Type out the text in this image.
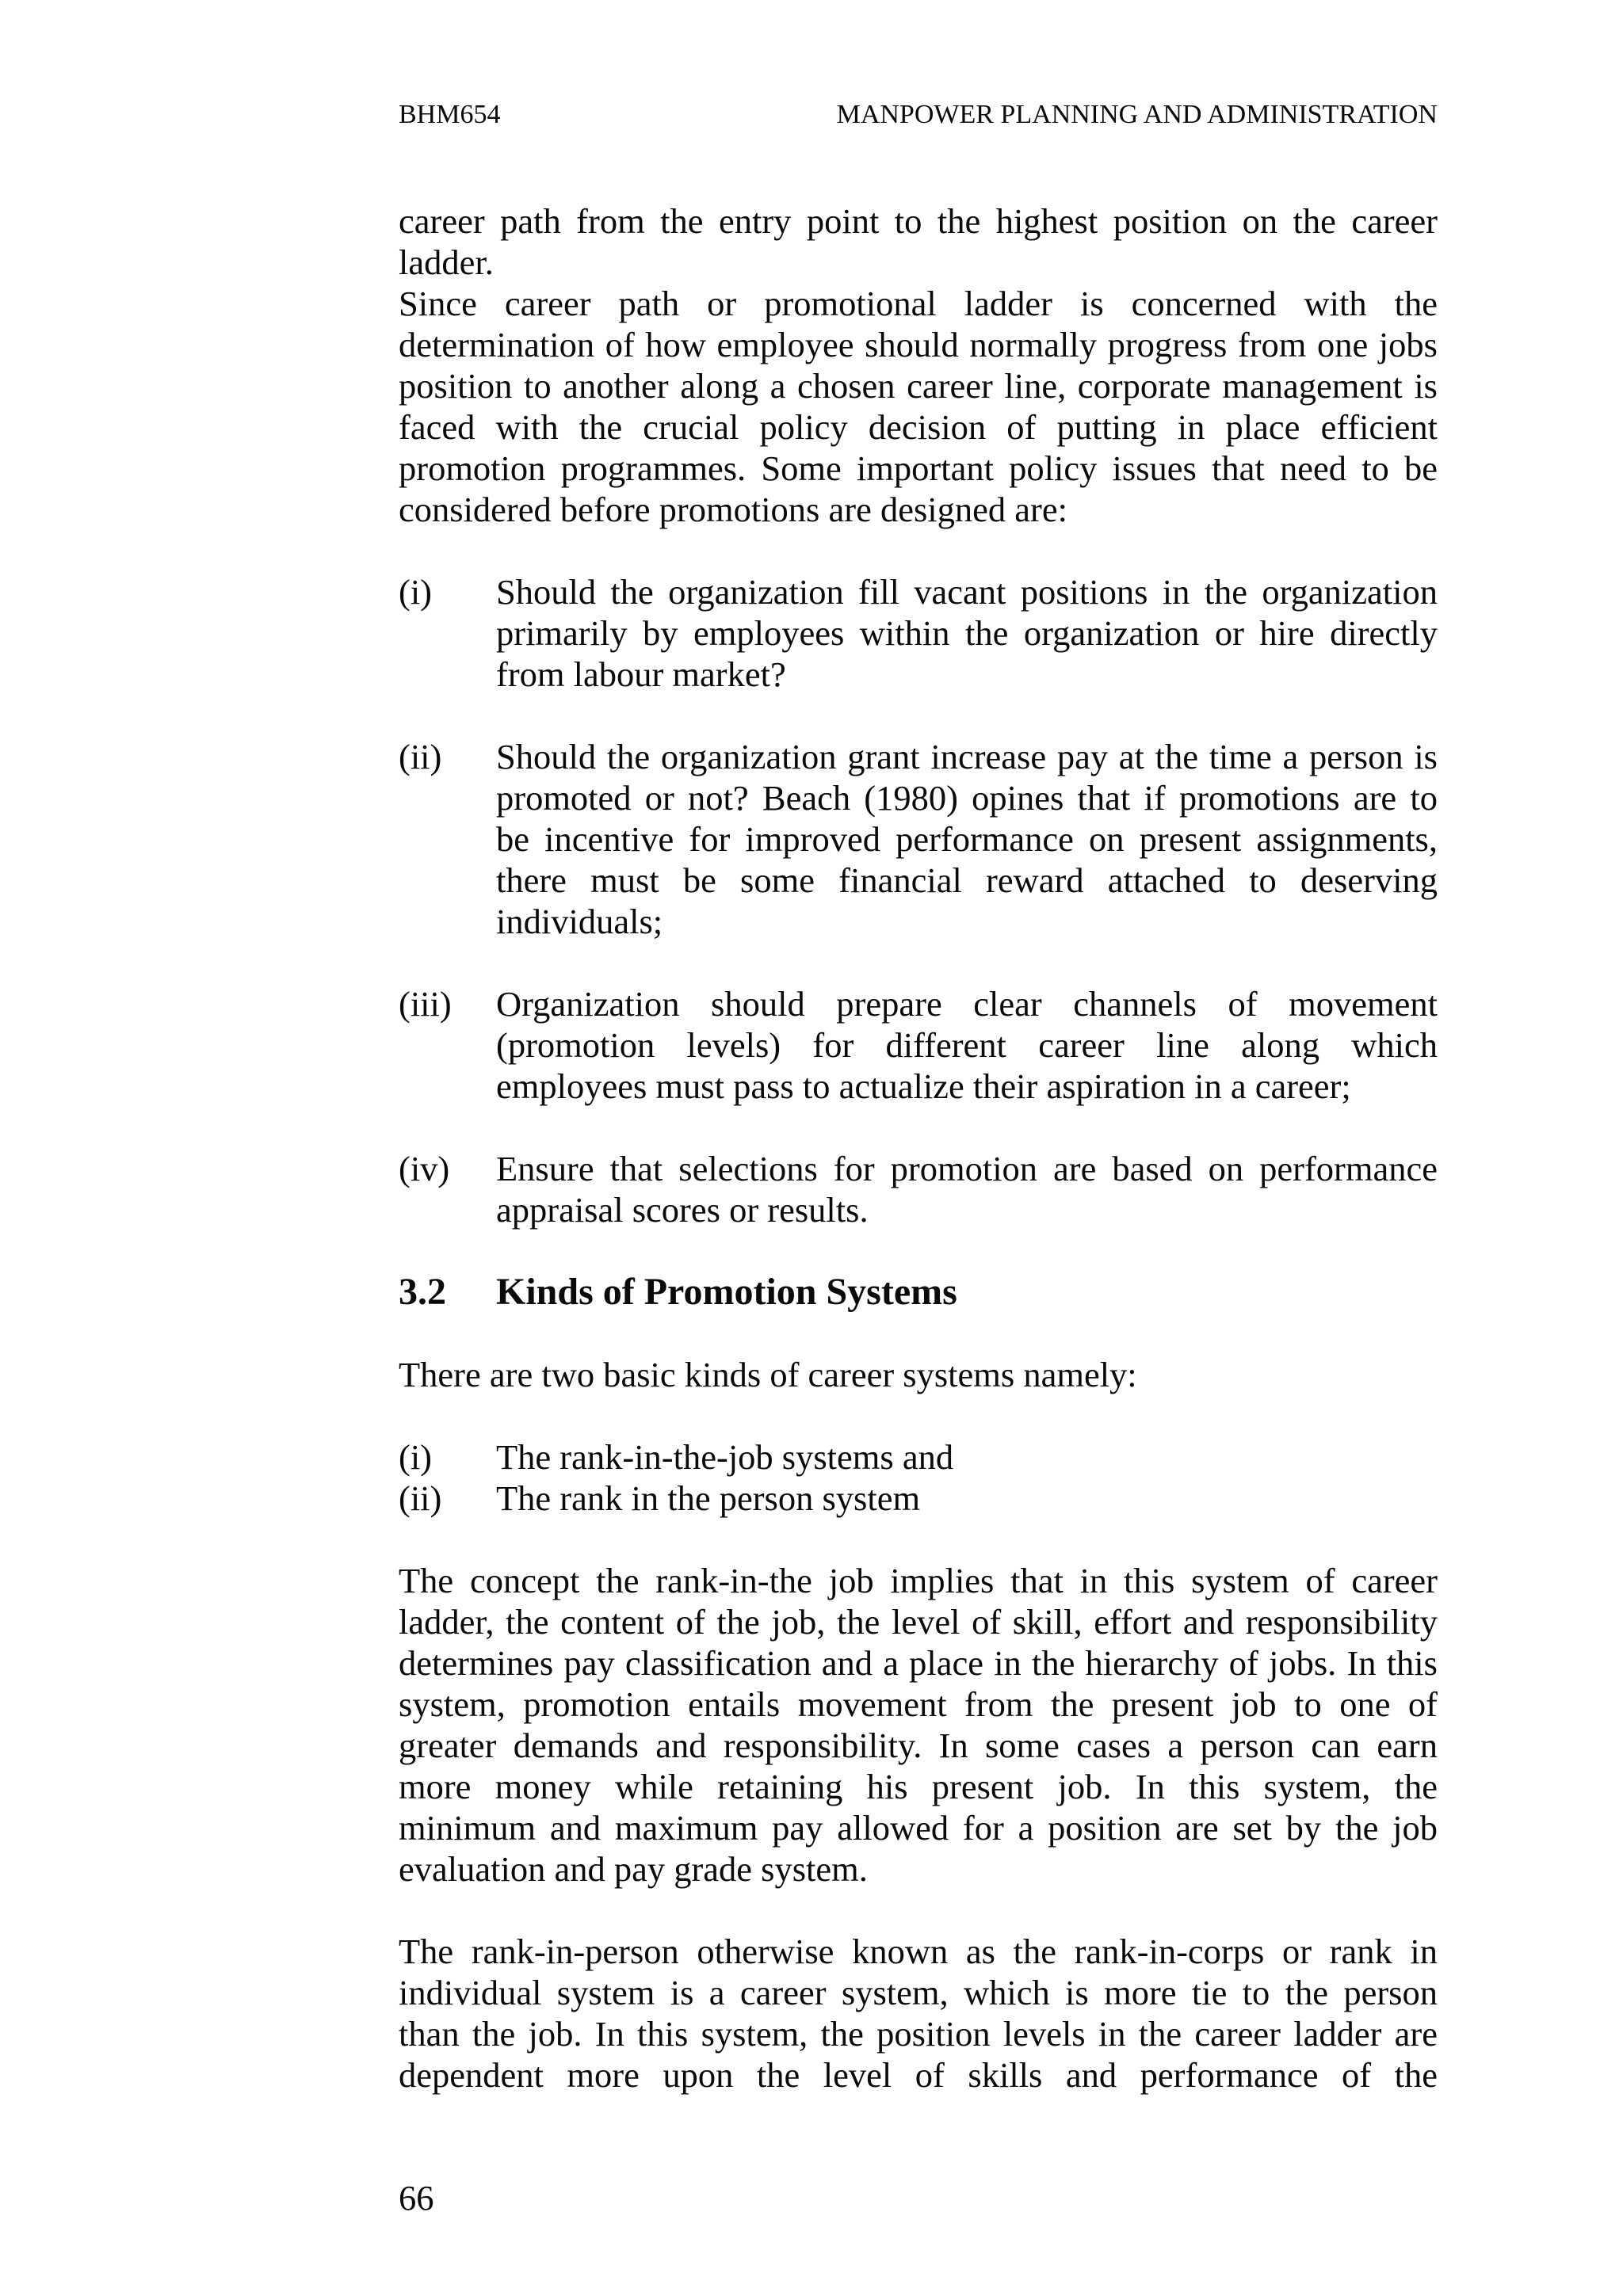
BHM654	MANPOWER PLANNING AND ADMINISTRATION
career path from the entry point to the highest position on the career
ladder.
Since career path or promotional ladder is concerned with the
determination of how employee should normally progress from one jobs
position to another along a chosen career line, corporate management is
faced with the crucial policy decision of putting in place efficient
promotion programmes. Some important policy issues that need to be
considered before promotions are designed are:
(i) Should the organization fill vacant positions in the organization
primarily by employees within the organization or hire directly
from labour market?
(ii) Should the organization grant increase pay at the time a person is
promoted or not? Beach (1980) opines that if promotions are to
be incentive for improved performance on present assignments,
there must be some financial reward attached to deserving
individuals;
(iii) Organization should prepare clear channels of movement
(promotion levels) for different career line along which
employees must pass to actualize their aspiration in a career;
(iv) Ensure that selections for promotion are based on performance
appraisal scores or results.
3.2 Kinds of Promotion Systems
There are two basic kinds of career systems namely:
(i) The rank-in-the-job systems and
(ii) The rank in the person system
The concept the rank-in-the job implies that in this system of career
ladder, the content of the job, the level of skill, effort and responsibility
determines pay classification and a place in the hierarchy of jobs. In this
system, promotion entails movement from the present job to one of
greater demands and responsibility. In some cases a person can earn
more money while retaining his present job. In this system, the
minimum and maximum pay allowed for a position are set by the job
evaluation and pay grade system.
The rank-in-person otherwise known as the rank-in-corps or rank in
individual system is a career system, which is more tie to the person
than the job. In this system, the position levels in the career ladder are
dependent more upon the level of skills and performance of the
66
